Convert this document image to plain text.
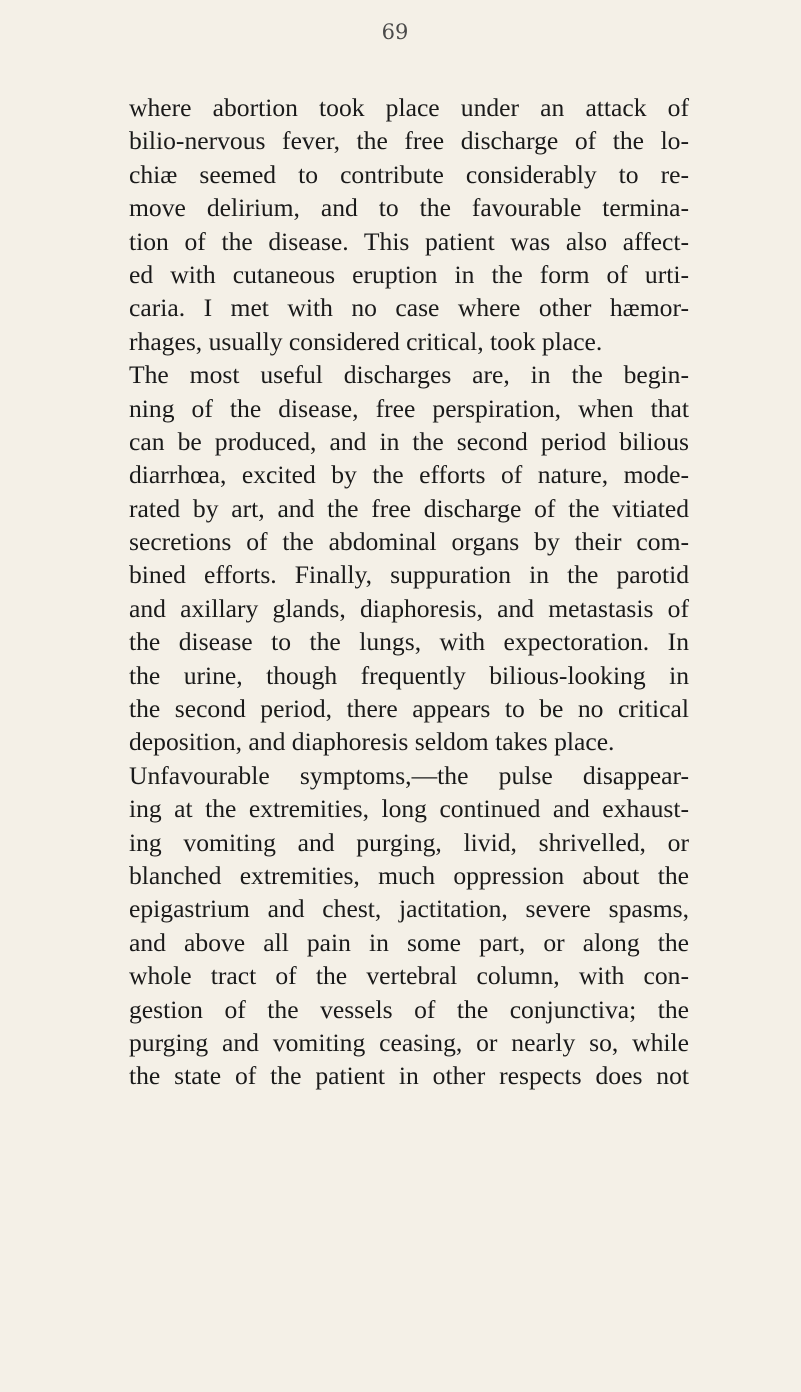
69
where abortion took place under an attack of
bilio-nervous fever, the free discharge of the lo-
chiæ seemed to contribute considerably to re-
move delirium, and to the favourable termina-
tion of the disease. This patient was also affect-
ed with cutaneous eruption in the form of urti-
caria. I met with no case where other hæmor-
rhages, usually considered critical, took place.
The most useful discharges are, in the begin-
ning of the disease, free perspiration, when that
can be produced, and in the second period bilious
diarrhœa, excited by the efforts of nature, mode-
rated by art, and the free discharge of the vitiated
secretions of the abdominal organs by their com-
bined efforts. Finally, suppuration in the parotid
and axillary glands, diaphoresis, and metastasis of
the disease to the lungs, with expectoration. In
the urine, though frequently bilious-looking in
the second period, there appears to be no critical
deposition, and diaphoresis seldom takes place.
Unfavourable symptoms,—the pulse disappear-
ing at the extremities, long continued and exhaust-
ing vomiting and purging, livid, shrivelled, or
blanched extremities, much oppression about the
epigastrium and chest, jactitation, severe spasms,
and above all pain in some part, or along the
whole tract of the vertebral column, with con-
gestion of the vessels of the conjunctiva; the
purging and vomiting ceasing, or nearly so, while
the state of the patient in other respects does not
